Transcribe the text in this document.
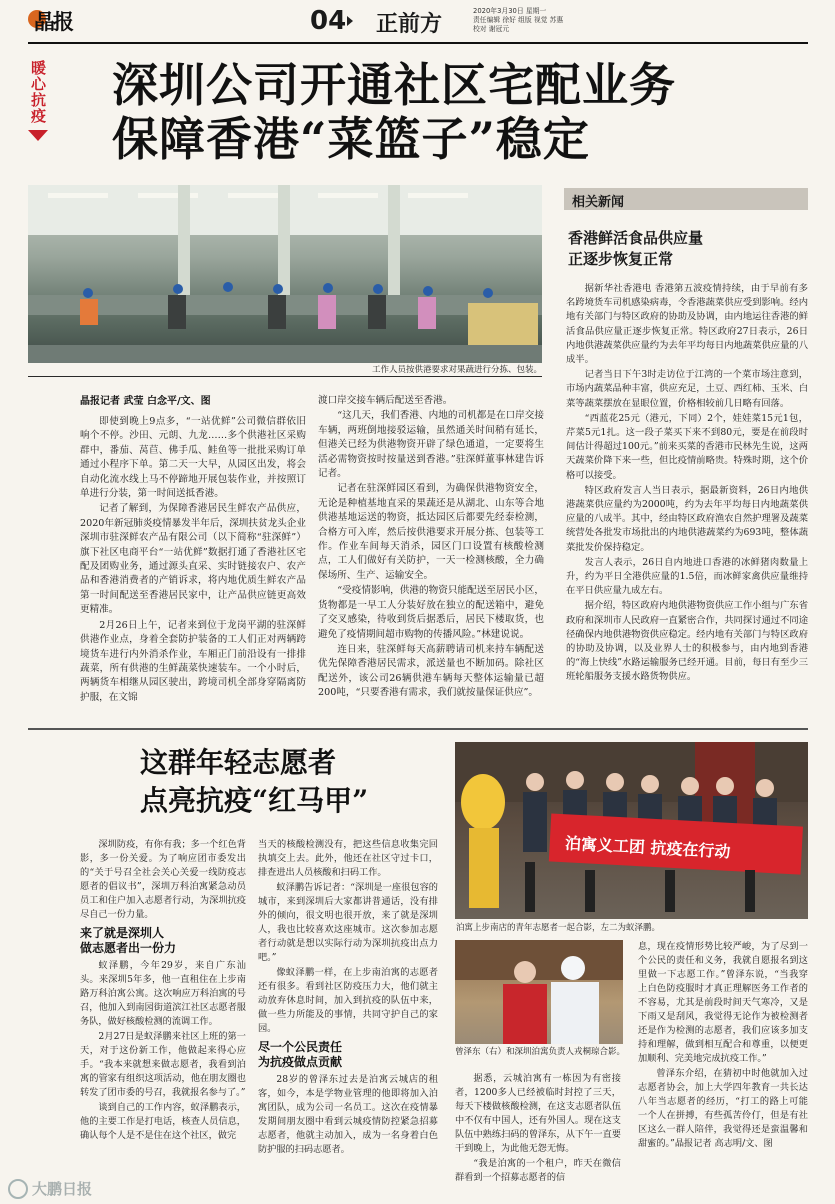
晶报	04 正前方	2020年3月30日 星期一
责任编辑 徐好 组版 视觉 苏惠
校对 谢冠元
暖心抗疫 深圳公司开通社区宅配业务
保障香港“菜篮子”稳定
工作人员按供港要求对果蔬进行分拣、包装。
晶报记者 武莹 白念平/文、图

即使到晚上9点多，“一站优鲜”公司微信群依旧响个不停。沙田、元朗、九龙……多个供港社区采购群中，番茄、莴苣、佛手瓜、鲑鱼等一批批采购订单通过小程序下单。第二天一大早，从园区出发，将会自动化流水线上马不停蹄地开展包装作业，并按照订单进行分装，第一时间送抵香港。

记者了解到，为保障香港居民生鲜农产品供应，2020年新冠肺炎疫情暴发半年后，深圳扶贫龙头企业深圳市驻深鲜农产品有限公司（以下简称“驻深鲜”）旗下社区电商平台“一站优鲜”数据打通了香港社区宅配及团购业务，通过源头直采、实时链接农户、农产品和香港消费者的产销诉求，将内地优质生鲜农产品第一时间配送至香港居民家中，让产品供应链更高效更精准。

2月26日上午，记者来到位于龙岗平湖的驻深鲜供港作业点，身着全套防护装备的工人们正对两辆跨境货车进行内外消杀作业，车厢正门前沿设有一排排蔬菜，所有供港的生鲜蔬菜快速装车。一个小时后，两辆货车相继从园区驶出，跨境司机全部身穿隔离防护服，在文锦

渡口岸交接车辆后配送至香港。

“这几天，我们香港、内地的司机都是在口岸交接车辆，两班倒地接驳运输，虽然通关时间稍有延长，但港关已经为供港物资开辟了绿色通道，一定要将生活必需物资按时按量送到香港。”驻深鲜董事林建告诉记者。

记者在驻深鲜园区看到，为确保供港物资安全，无论是种植基地直采的果蔬还是从湖北、山东等合地供港基地运送的物资，抵达园区后都要先经泰检测，合格方可入库，然后按供港要求开展分拣、包装等工作。作业车间每天消杀，园区门口设置有核酸检测点，工人们做好有关防护，一天一检测核酸，全力确保场所、生产、运输安全。

“受疫情影响，供港的物资只能配送至居民小区，货物都是一早工人分装好放在独立的配送箱中，避免了交叉感染，待收到货后据悉后，居民下楼取货，也避免了疫情期间超市购物的传播风险。”林建说说。

连日来，驻深鲜每天高薪聘请司机来持车辆配送优先保障香港居民需求，派送量也不断加码。除社区配送外，该公司26辆供港车辆每天整体运输量已超200吨，“只要香港有需求，我们就按量保证供应”。

相关新闻
香港鲜活食品供应量
正逐步恢复正常

据新华社香港电 香港第五波疫情持续，由于早前有多名跨境货车司机感染病毒，令香港蔬菜供应受到影响。经内地有关部门与特区政府的协助及协调，由内地运往香港的鲜活食品供应量正逐步恢复正常。特区政府27日表示，26日内地供港蔬菜供应量约为去年平均每日内地蔬菜供应量的八成半。

记者当日下午3时走访位于江湾的一个菜市场注意到，市场内蔬菜品种丰富，供应充足，土豆、西红柿、玉米、白菜等蔬菜摆放在显眼位置，价格相较前几日略有回落。

“西蓝花25元（港元，下同）2个，娃娃菜15元1包，芹菜5元1扎。这一段子菜买下来不到80元，要是在前段时间估计得超过100元。”前来买菜的香港市民林先生说，这两天蔬菜价降下来一些，但比疫情前略贵。特殊时期，这个价格可以接受。

特区政府发言人当日表示，据最新资料，26日内地供港蔬菜供应量约为2000吨，约为去年平均每日内地蔬菜供应量的八成半。其中，经由特区政府渔农自然护理署及蔬菜统营处各批发市场批出的内地供港蔬菜约为693吨，整体蔬菜批发价保持稳定。

发言人表示，26日自内地进口香港的冰鲜猪肉数量上升，约为平日全港供应量的1.5倍，而冰鲜家禽供应量维持在平日供应量九成左右。

据介绍，特区政府内地供港物资供应工作小组与广东省政府和深圳市人民政府一直紧密合作，共同探讨通过不同途径确保内地供港物资供应稳定。经内地有关部门与特区政府的协助及协调，以及业界人士的积极参与，由内地到香港的“海上快线”水路运输服务已经开通。目前，每日有至少三班轮船服务支援水路货物供应。

这群年轻志愿者
点亮抗疫“红马甲”
泊寓义工团 抗疫在行动
泊寓上步南店的青年志愿者一起合影，左二为蚁泽鹏。
曾泽东（右）和深圳泊寓负责人戎桐琼合影。

深圳防疫，有你有我；多一个红色背影，多一份关爱。为了响应团市委发出的“关于号召全社会关心关爱一线防疫志愿者的倡议书”，深圳万科泊寓紧急动员员工和住户加入志愿者行动，为深圳抗疫尽自己一份力量。

来了就是深圳人
做志愿者出一份力

蚁泽鹏，今年29岁，来自广东汕头。来深圳5年多，他一直租住在上步南路万科泊寓公寓。这次响应万科泊寓的号召，他加入到南园街道滨江社区志愿者服务队，做好核酸检测的流调工作。

2月27日是蚁泽鹏来社区上班的第一天，对于这份新工作，他做起来得心应手。“我本来就想来做志愿者，我看到泊寓的管家有组织这项活动，他在朋友圈也转发了团市委的号召，我就报名参与了。”

谈到自己的工作内容，蚁泽鹏表示，他的主要工作是打电话，核查人员信息，确认每个人是不是住在这个社区，做完

当天的核酸检测没有，把这些信息收集完回执填交上去。此外，他还在社区守过卡口，排查进出人员核酸和扫码工作。

蚁泽鹏告诉记者：“深圳是一座很包容的城市，来到深圳后大家都讲普通话，没有排外的倾向，很文明也很开放，来了就是深圳人，我也比较喜欢这座城市。这次参加志愿者行动就是想以实际行动为深圳抗疫出点力吧。”

像蚁泽鹏一样，在上步南泊寓的志愿者还有很多。看到社区防疫压力大，他们就主动放弃休息时间，加入到抗疫的队伍中来，做一些力所能及的事情，共同守护自己的家园。

尽一个公民责任
为抗疫做点贡献

28岁的曾泽东过去是泊寓云城店的租客，如今，本是学物业管理的他即将加入泊寓团队，成为公司一名员工。这次在疫情暴发期间朋友圈中看到云城疫情防控紧急招募志愿者，他就主动加入，成为一名身着白色防护服的扫码志愿者。

据悉，云城泊寓有一栋因为有密接者，1200多人已经被临时封控了三天，每天下楼做核酸检测，在这支志愿者队伍中不仅有中国人，还有外国人。现在这支队伍中熟练扫码的曾泽东，从下午一直要干到晚上，为此他无怨无悔。

“我是泊寓的一个租户，昨天在微信群看到一个招募志愿者的信

息，现在疫情形势比较严峻，为了尽到一个公民的责任和义务，我就自愿报名到这里做一下志愿工作。”曾泽东说，“当我穿上白色防疫服时才真正理解医务工作者的不容易，尤其是前段时间天气寒冷，又是下雨又是刮风，我觉得无论作为被检测者还是作为检测的志愿者，我们应该多加支持和理解，做到相互配合和尊重，以便更加顺利、完美地完成抗疫工作。”

曾泽东介绍，在猜初中时他就加入过志愿者协会，加上大学四年教育一共长达八年当志愿者的经历，“打工的路上可能一个人在拼搏，有些孤苦伶仃，但是有社区这么一群人陪伴，我觉得还是蛮温馨和甜蜜的。”晶报记者 高志明/文、图

大鹏日报
